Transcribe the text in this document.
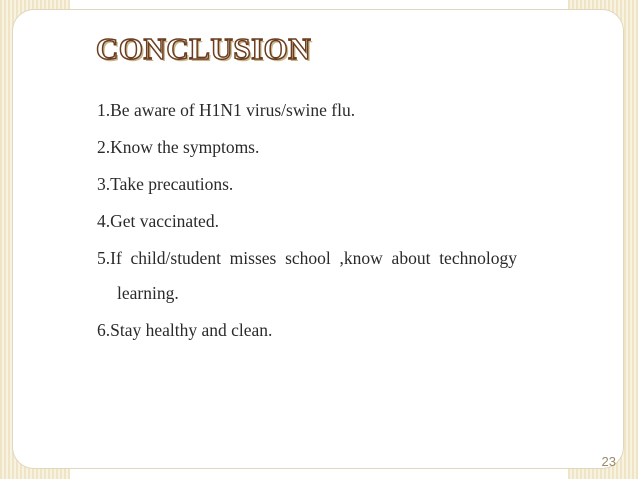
CONCLUSION

1.Be aware of H1N1 virus/swine flu.

2.Know the symptoms.

3.Take precautions.

4.Get vaccinated.

5.If  child/student  misses  school  ,know  about  technology

learning.

6.Stay healthy and clean.

23
